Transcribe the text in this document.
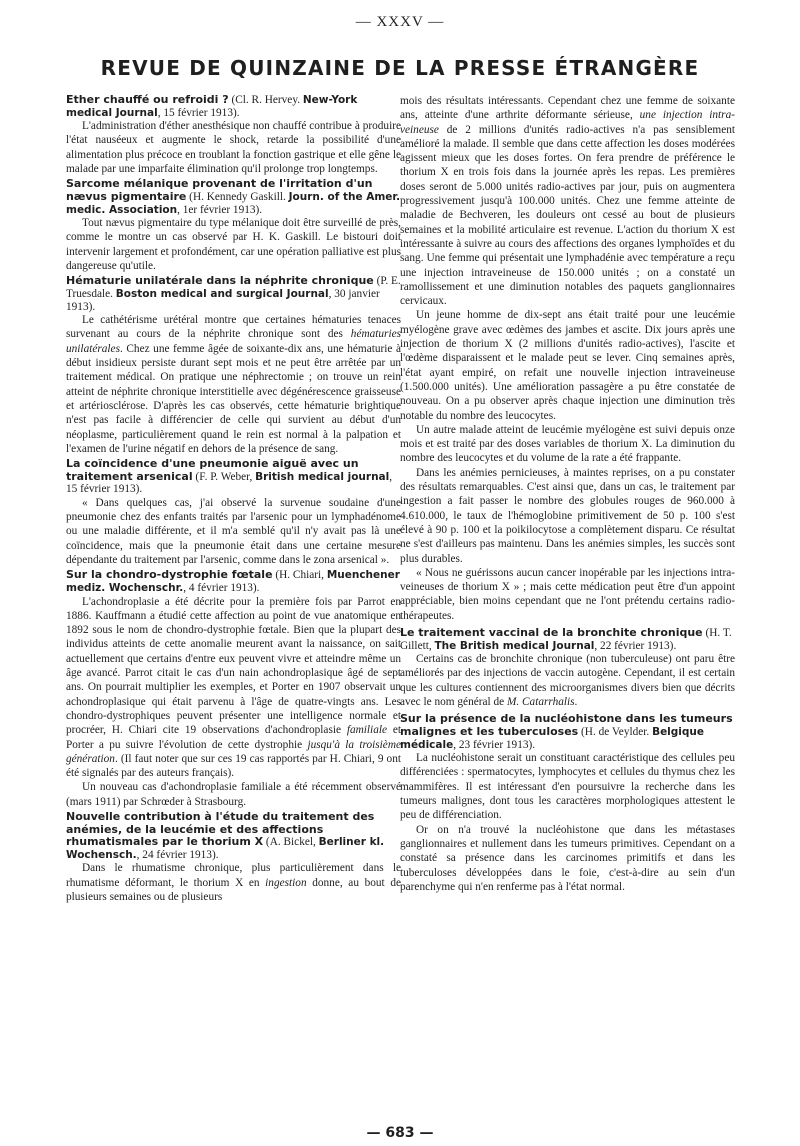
— XXXV —
REVUE DE QUINZAINE DE LA PRESSE ÉTRANGÈRE
Ether chauffé ou refroidi ? (Cl. R. Hervey. New-York medical Journal, 15 février 1913).

L'administration d'éther anesthésique non chauffé contribue à produire l'état nauséeux et augmente le shock, retarde la possibilité d'une alimentation plus précoce en troublant la fonction gastrique et elle gêne le malade par une imparfaite élimination qu'il prolonge trop longtemps.

Sarcome mélanique provenant de l'irritation d'un nævus pigmentaire (H. Kennedy Gaskill. Journ. of the Amer. medic. Association, 1er février 1913).

Tout nævus pigmentaire du type mélanique doit être surveillé de près, comme le montre un cas observé par H. K. Gaskill. Le bistouri doit intervenir largement et profondément, car une opération palliative est plus dangereuse qu'utile.

Hématurie unilatérale dans la néphrite chronique (P. E. Truesdale. Boston medical and surgical Journal, 30 janvier 1913).

Le cathétérisme urétéral montre que certaines hématuries tenaces survenant au cours de la néphrite chronique sont des hématuries unilatérales. Chez une femme âgée de soixante-dix ans, une hématurie à début insidieux persiste durant sept mois et ne peut être arrêtée par un traitement médical. On pratique une néphrectomie ; on trouve un rein atteint de néphrite chronique interstitielle avec dégénérescence graisseuse et artériosclérose. D'après les cas observés, cette hématurie brightique n'est pas facile à différencier de celle qui survient au début d'un néoplasme, particulièrement quand le rein est normal à la palpation et l'examen de l'urine négatif en dehors de la présence de sang.

La coïncidence d'une pneumonie aiguë avec un traitement arsenical (F. P. Weber, British medical journal, 15 février 1913).

« Dans quelques cas, j'ai observé la survenue soudaine d'une pneumonie chez des enfants traités par l'arsenic pour un lymphadénome ou une maladie différente, et il m'a semblé qu'il n'y avait pas là une coïncidence, mais que la pneumonie était dans une certaine mesure dépendante du traitement par l'arsenic, comme dans le zona arsenical ».

Sur la chondro-dystrophie fœtale (H. Chiari, Muenchener mediz. Wochenschr., 4 février 1913).

L'achondroplasie a été décrite pour la première fois par Parrot en 1886. Kauffmann a étudié cette affection au point de vue anatomique en 1892 sous le nom de chondro-dystrophie fœtale. Bien que la plupart des individus atteints de cette anomalie meurent avant la naissance, on sait actuellement que certains d'entre eux peuvent vivre et atteindre même un âge avancé. Parrot citait le cas d'un nain achondroplasique âgé de sept ans. On pourrait multiplier les exemples, et Porter en 1907 observait un achondroplasique qui était parvenu à l'âge de quatre-vingts ans. Les chondro-dystrophiques peuvent présenter une intelligence normale et procréer, H. Chiari cite 19 observations d'achondroplasie familiale et Porter a pu suivre l'évolution de cette dystrophie jusqu'à la troisième génération. (Il faut noter que sur ces 19 cas rapportés par H. Chiari, 9 ont été signalés par des auteurs français).

Un nouveau cas d'achondroplasie familiale a été récemment observé (mars 1911) par Schrœder à Strasbourg.

Nouvelle contribution à l'étude du traitement des anémies, de la leucémie et des affections rhumatismales par le thorium X (A. Bickel, Berliner kl. Wochensch., 24 février 1913).

Dans le rhumatisme chronique, plus particulièrement dans le rhumatisme déformant, le thorium X en ingestion donne, au bout de plusieurs semaines ou de plusieurs

mois des résultats intéressants. Cependant chez une femme de soixante ans, atteinte d'une arthrite déformante sérieuse, une injection intra-veineuse de 2 millions d'unités radio-actives n'a pas sensiblement amélioré la malade. Il semble que dans cette affection les doses modérées agissent mieux que les doses fortes. On fera prendre de préférence le thorium X en trois fois dans la journée après les repas. Les premières doses seront de 5.000 unités radio-actives par jour, puis on augmentera progressivement jusqu'à 100.000 unités. Chez une femme atteinte de maladie de Bechveren, les douleurs ont cessé au bout de plusieurs semaines et la mobilité articulaire est revenue. L'action du thorium X est intéressante à suivre au cours des affections des organes lymphoïdes et du sang. Une femme qui présentait une lymphadénie avec température a reçu une injection intraveineuse de 150.000 unités ; on a constaté un ramollissement et une diminution notables des paquets ganglionnaires cervicaux.

Un jeune homme de dix-sept ans était traité pour une leucémie myélogène grave avec œdèmes des jambes et ascite. Dix jours après une injection de thorium X (2 millions d'unités radio-actives), l'ascite et l'œdème disparaissent et le malade peut se lever. Cinq semaines après, l'état ayant empiré, on refait une nouvelle injection intraveineuse (1.500.000 unités). Une amélioration passagère a pu être constatée de nouveau. On a pu observer après chaque injection une diminution très notable du nombre des leucocytes.

Un autre malade atteint de leucémie myélogène est suivi depuis onze mois et est traité par des doses variables de thorium X. La diminution du nombre des leucocytes et du volume de la rate a été frappante.

Dans les anémies pernicieuses, à maintes reprises, on a pu constater des résultats remarquables. C'est ainsi que, dans un cas, le traitement par ingestion a fait passer le nombre des globules rouges de 960.000 à 4.610.000, le taux de l'hémoglobine primitivement de 50 p. 100 s'est élevé à 90 p. 100 et la poikilocytose a complètement disparu. Ce résultat ne s'est d'ailleurs pas maintenu. Dans les anémies simples, les succès sont plus durables.

« Nous ne guérissons aucun cancer inopérable par les injections intra-veineuses de thorium X » ; mais cette médication peut être d'un appoint appréciable, bien moins cependant que ne l'ont prétendu certains radio-thérapeutes.

Le traitement vaccinal de la bronchite chronique (H. T. Gillett, The British medical Journal, 22 février 1913).

Certains cas de bronchite chronique (non tuberculeuse) ont paru être améliorés par des injections de vaccin autogène. Cependant, il est certain que les cultures contiennent des microorganismes divers bien que décrits avec le nom général de M. Catarrhalis.

Sur la présence de la nucléohistone dans les tumeurs malignes et les tuberculoses (H. de Veylder. Belgique médicale, 23 février 1913).

La nucléohistone serait un constituant caractéristique des cellules peu différenciées : spermatocytes, lymphocytes et cellules du thymus chez les mammifères. Il est intéressant d'en poursuivre la recherche dans les tumeurs malignes, dont tous les caractères morphologiques attestent le peu de différenciation.

Or on n'a trouvé la nucléohistone que dans les métastases ganglionnaires et nullement dans les tumeurs primitives. Cependant on a constaté sa présence dans les carcinomes primitifs et dans les tuberculoses développées dans le foie, c'est-à-dire au sein d'un parenchyme qui n'en renferme pas à l'état normal.

— 683 —
